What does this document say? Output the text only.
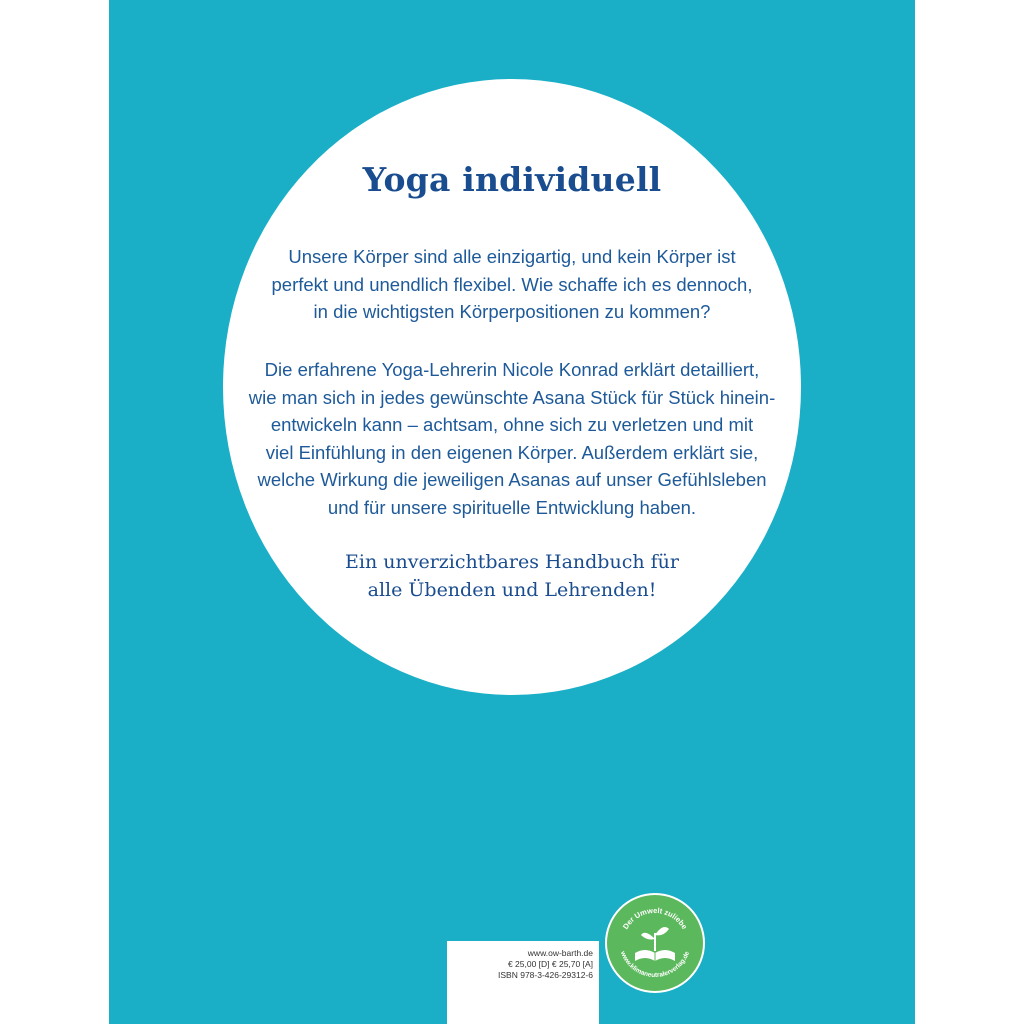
Yoga individuell

Unsere Körper sind alle einzigartig, und kein Körper ist
perfekt und unendlich flexibel. Wie schaffe ich es dennoch,
in die wichtigsten Körperpositionen zu kommen?

Die erfahrene Yoga-Lehrerin Nicole Konrad erklärt detailliert,
wie man sich in jedes gewünschte Asana Stück für Stück hinein-
entwickeln kann – achtsam, ohne sich zu verletzen und mit
viel Einfühlung in den eigenen Körper. Außerdem erklärt sie,
welche Wirkung die jeweiligen Asanas auf unser Gefühlsleben
und für unsere spirituelle Entwicklung haben.

Ein unverzichtbares Handbuch für
alle Übenden und Lehrenden!

Der Umwelt zuliebe
www.klimaneutralerverlag.de
www.ow-barth.de
€ 25,00 [D] € 25,70 [A]
ISBN 978-3-426-29312-6
